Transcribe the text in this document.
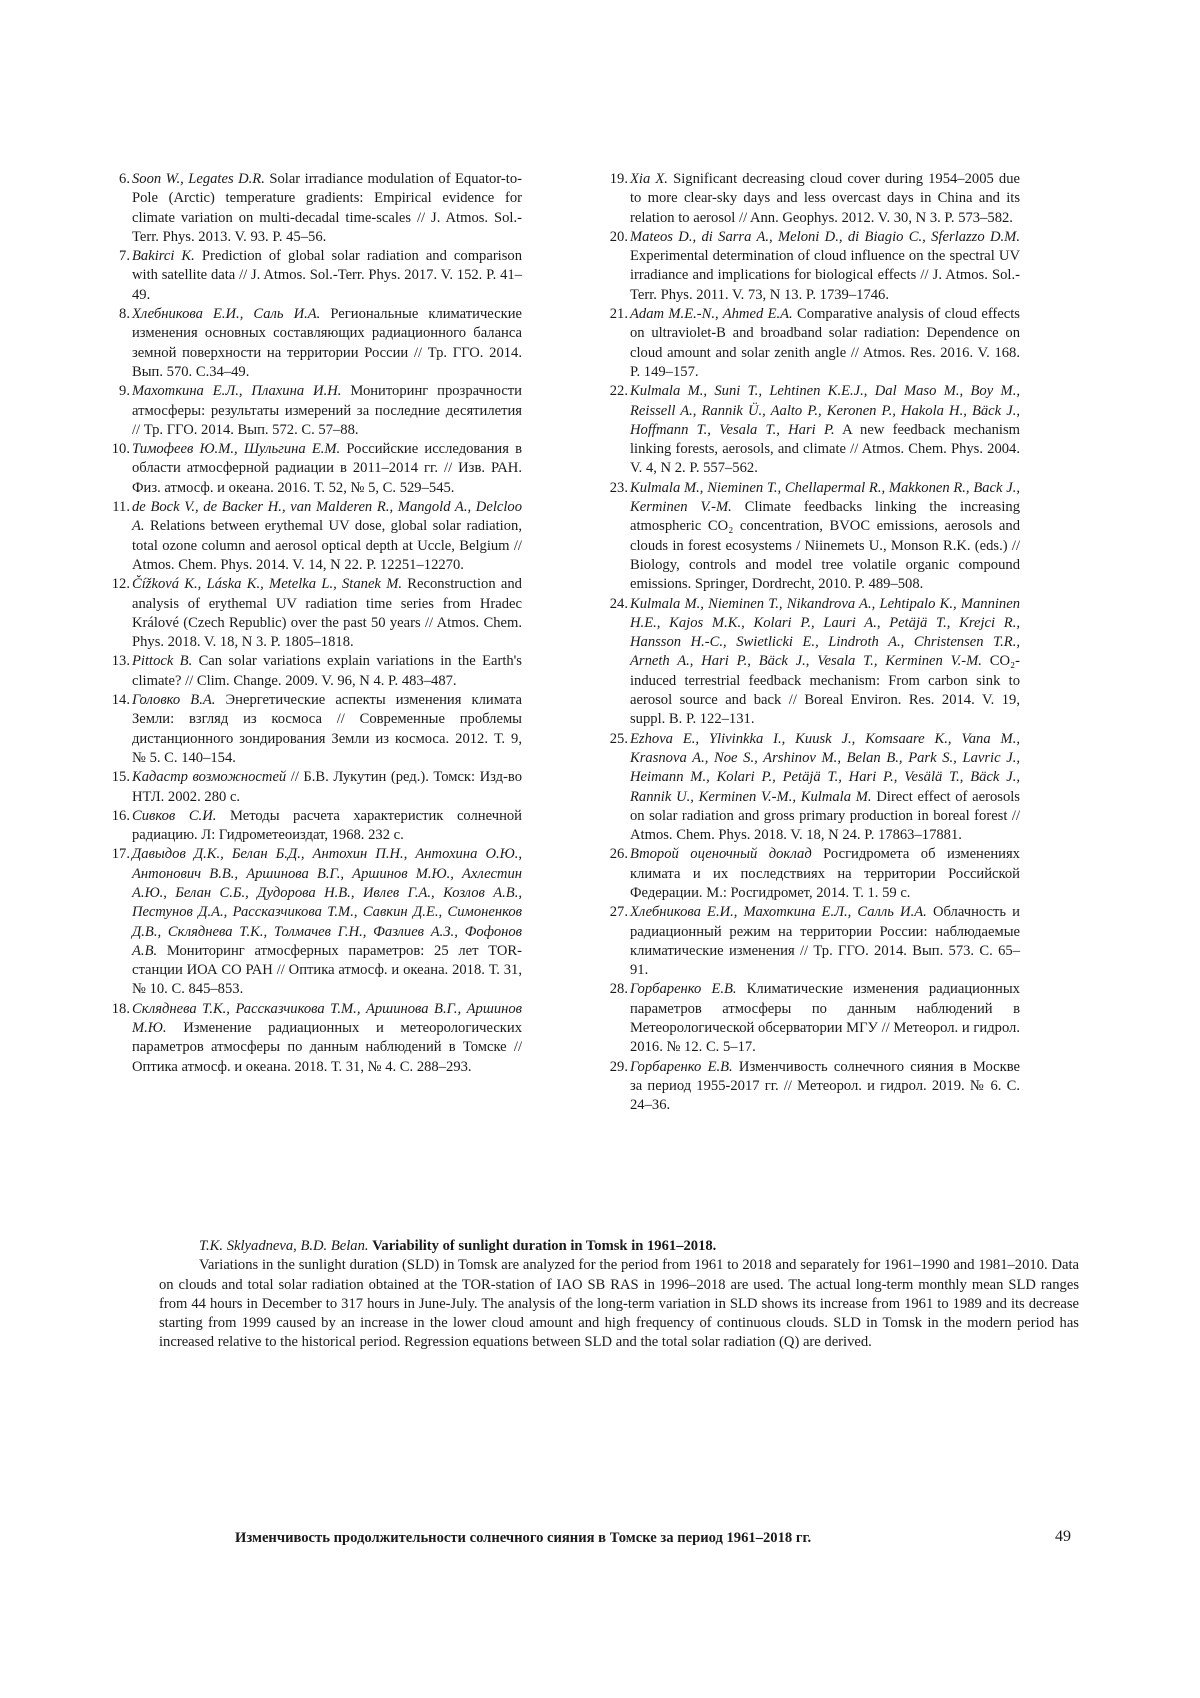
6. Soon W., Legates D.R. Solar irradiance modulation of Equator-to-Pole (Arctic) temperature gradients: Empirical evidence for climate variation on multi-decadal time-scales // J. Atmos. Sol.-Terr. Phys. 2013. V. 93. P. 45–56.

7. Bakirci K. Prediction of global solar radiation and comparison with satellite data // J. Atmos. Sol.-Terr. Phys. 2017. V. 152. P. 41–49.

8. Хлебникова Е.И., Саль И.А. Региональные климатические изменения основных составляющих радиационного баланса земной поверхности на территории России // Тр. ГГО. 2014. Вып. 570. С.34–49.

9. Махоткина Е.Л., Плахина И.Н. Мониторинг прозрачности атмосферы: результаты измерений за последние десятилетия // Тр. ГГО. 2014. Вып. 572. С. 57–88.

10. Тимофеев Ю.М., Шульгина Е.М. Российские исследования в области атмосферной радиации в 2011–2014 гг. // Изв. РАН. Физ. атмосф. и океана. 2016. Т. 52, № 5, С. 529–545.

11. de Bock V., de Backer H., van Malderen R., Mangold A., Delcloo A. Relations between erythemal UV dose, global solar radiation, total ozone column and aerosol optical depth at Uccle, Belgium // Atmos. Chem. Phys. 2014. V. 14, N 22. P. 12251–12270.

12. Čížková K., Láska K., Metelka L., Stanek M. Reconstruction and analysis of erythemal UV radiation time series from Hradec Králové (Czech Republic) over the past 50 years // Atmos. Chem. Phys. 2018. V. 18, N 3. P. 1805–1818.

13. Pittock B. Can solar variations explain variations in the Earth's climate? // Clim. Change. 2009. V. 96, N 4. P. 483–487.

14. Головко В.А. Энергетические аспекты изменения климата Земли: взгляд из космоса // Современные проблемы дистанционного зондирования Земли из космоса. 2012. Т. 9, № 5. С. 140–154.

15. Кадастр возможностей // Б.В. Лукутин (ред.). Томск: Изд-во НТЛ. 2002. 280 с.

16. Сивков С.И. Методы расчета характеристик солнечной радиацию. Л: Гидрометеоиздат, 1968. 232 с.

17. Давыдов Д.К., Белан Б.Д., Антохин П.Н., Антохина О.Ю., Антонович В.В., Аршинова В.Г., Аршинов М.Ю., Ахлестин А.Ю., Белан С.Б., Дудорова Н.В., Ивлев Г.А., Козлов А.В., Пестунов Д.А., Рассказчикова Т.М., Савкин Д.Е., Симоненков Д.В., Скляднева Т.К., Толмачев Г.Н., Фазлиев А.З., Фофонов А.В. Мониторинг атмосферных параметров: 25 лет TOR-станции ИОА СО РАН // Оптика атмосф. и океана. 2018. Т. 31, № 10. С. 845–853.

18. Скляднева Т.К., Рассказчикова Т.М., Аршинова В.Г., Аршинов М.Ю. Изменение радиационных и метеорологических параметров атмосферы по данным наблюдений в Томске // Оптика атмосф. и океана. 2018. Т. 31, № 4. С. 288–293.

19. Xia X. Significant decreasing cloud cover during 1954–2005 due to more clear-sky days and less overcast days in China and its relation to aerosol // Ann. Geophys. 2012. V. 30, N 3. P. 573–582.

20. Mateos D., di Sarra A., Meloni D., di Biagio C., Sferlazzo D.M. Experimental determination of cloud influence on the spectral UV irradiance and implications for biological effects // J. Atmos. Sol.-Terr. Phys. 2011. V. 73, N 13. P. 1739–1746.

21. Adam M.E.-N., Ahmed E.A. Comparative analysis of cloud effects on ultraviolet-B and broadband solar radiation: Dependence on cloud amount and solar zenith angle // Atmos. Res. 2016. V. 168. P. 149–157.

22. Kulmala M., Suni T., Lehtinen K.E.J., Dal Maso M., Boy M., Reissell A., Rannik Ü., Aalto P., Keronen P., Hakola H., Bäck J., Hoffmann T., Vesala T., Hari P. A new feedback mechanism linking forests, aerosols, and climate // Atmos. Chem. Phys. 2004. V. 4, N 2. P. 557–562.

23. Kulmala M., Nieminen T., Chellapermal R., Makkonen R., Back J., Kerminen V.-M. Climate feedbacks linking the increasing atmospheric CO₂ concentration, BVOC emissions, aerosols and clouds in forest ecosystems / Niinemets U., Monson R.K. (eds.) // Biology, controls and model tree volatile organic compound emissions. Springer, Dordrecht, 2010. P. 489–508.

24. Kulmala M., Nieminen T., Nikandrova A., Lehtipalo K., Manninen H.E., Kajos M.K., Kolari P., Lauri A., Petäjä T., Krejci R., Hansson H.-C., Swietlicki E., Lindroth A., Christensen T.R., Arneth A., Hari P., Bäck J., Vesala T., Kerminen V.-M. CO₂-induced terrestrial feedback mechanism: From carbon sink to aerosol source and back // Boreal Environ. Res. 2014. V. 19, suppl. B. P. 122–131.

25. Ezhova E., Ylivinkka I., Kuusk J., Komsaare K., Vana M., Krasnova A., Noe S., Arshinov M., Belan B., Park S., Lavric J., Heimann M., Kolari P., Petäjä T., Hari P., Vesälä T., Bäck J., Rannik U., Kerminen V.-M., Kulmala M. Direct effect of aerosols on solar radiation and gross primary production in boreal forest // Atmos. Chem. Phys. 2018. V. 18, N 24. P. 17863–17881.

26. Второй оценочный доклад Росгидромета об изменениях климата и их последствиях на территории Российской Федерации. М.: Росгидромет, 2014. Т. 1. 59 с.

27. Хлебникова Е.И., Махоткина Е.Л., Салль И.А. Облачность и радиационный режим на территории России: наблюдаемые климатические изменения // Тр. ГГО. 2014. Вып. 573. С. 65–91.

28. Горбаренко Е.В. Климатические изменения радиационных параметров атмосферы по данным наблюдений в Метеорологической обсерватории МГУ // Метеорол. и гидрол. 2016. № 12. С. 5–17.

29. Горбаренко Е.В. Изменчивость солнечного сияния в Москве за период 1955-2017 гг. // Метеорол. и гидрол. 2019. № 6. С. 24–36.

T.K. Sklyadneva, B.D. Belan. Variability of sunlight duration in Tomsk in 1961–2018.

Variations in the sunlight duration (SLD) in Tomsk are analyzed for the period from 1961 to 2018 and separately for 1961–1990 and 1981–2010. Data on clouds and total solar radiation obtained at the TOR-station of IAO SB RAS in 1996–2018 are used. The actual long-term monthly mean SLD ranges from 44 hours in December to 317 hours in June-July. The analysis of the long-term variation in SLD shows its increase from 1961 to 1989 and its decrease starting from 1999 caused by an increase in the lower cloud amount and high frequency of continuous clouds. SLD in Tomsk in the modern period has increased relative to the historical period. Regression equations between SLD and the total solar radiation (Q) are derived.

Изменчивость продолжительности солнечного сияния в Томске за период 1961–2018 гг.	49
